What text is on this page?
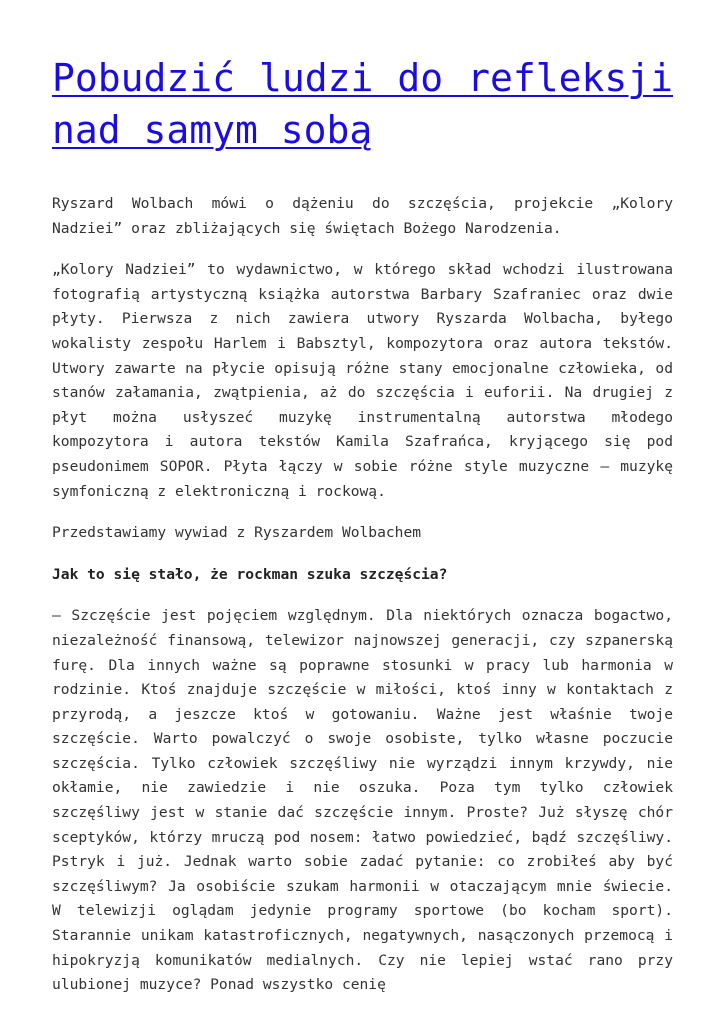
Pobudzić ludzi do refleksji nad samym sobą

Ryszard Wolbach mówi o dążeniu do szczęścia, projekcie „Kolory Nadziei” oraz zbliżających się świętach Bożego Narodzenia.

„Kolory Nadziei” to wydawnictwo, w którego skład wchodzi ilustrowana fotografią artystyczną książka autorstwa Barbary Szafraniec oraz dwie płyty. Pierwsza z nich zawiera utwory Ryszarda Wolbacha, byłego wokalisty zespołu Harlem i Babsztyl, kompozytora oraz autora tekstów. Utwory zawarte na płycie opisują różne stany emocjonalne człowieka, od stanów załamania, zwątpienia, aż do szczęścia i euforii. Na drugiej z płyt można usłyszeć muzykę instrumentalną autorstwa młodego kompozytora i autora tekstów Kamila Szafrańca, kryjącego się pod pseudonimem SOPOR. Płyta łączy w sobie różne style muzyczne – muzykę symfoniczną z elektroniczną i rockową.

Przedstawiamy wywiad z Ryszardem Wolbachem

Jak to się stało, że rockman szuka szczęścia?

– Szczęście jest pojęciem względnym. Dla niektórych oznacza bogactwo, niezależność finansową, telewizor najnowszej generacji, czy szpanerską furę. Dla innych ważne są poprawne stosunki w pracy lub harmonia w rodzinie. Ktoś znajduje szczęście w miłości, ktoś inny w kontaktach z przyrodą, a jeszcze ktoś w gotowaniu. Ważne jest właśnie twoje szczęście. Warto powalczyć o swoje osobiste, tylko własne poczucie szczęścia. Tylko człowiek szczęśliwy nie wyrządzi innym krzywdy, nie okłamie, nie zawiedzie i nie oszuka. Poza tym tylko człowiek szczęśliwy jest w stanie dać szczęście innym. Proste? Już słyszę chór sceptyków, którzy mruczą pod nosem: łatwo powiedzieć, bądź szczęśliwy. Pstryk i już. Jednak warto sobie zadać pytanie: co zrobiłeś aby być szczęśliwym? Ja osobiście szukam harmonii w otaczającym mnie świecie. W telewizji oglądam jedynie programy sportowe (bo kocham sport). Starannie unikam katastroficznych, negatywnych, nasączonych przemocą i hipokryzją komunikatów medialnych. Czy nie lepiej wstać rano przy ulubionej muzyce? Ponad wszystko cenię
